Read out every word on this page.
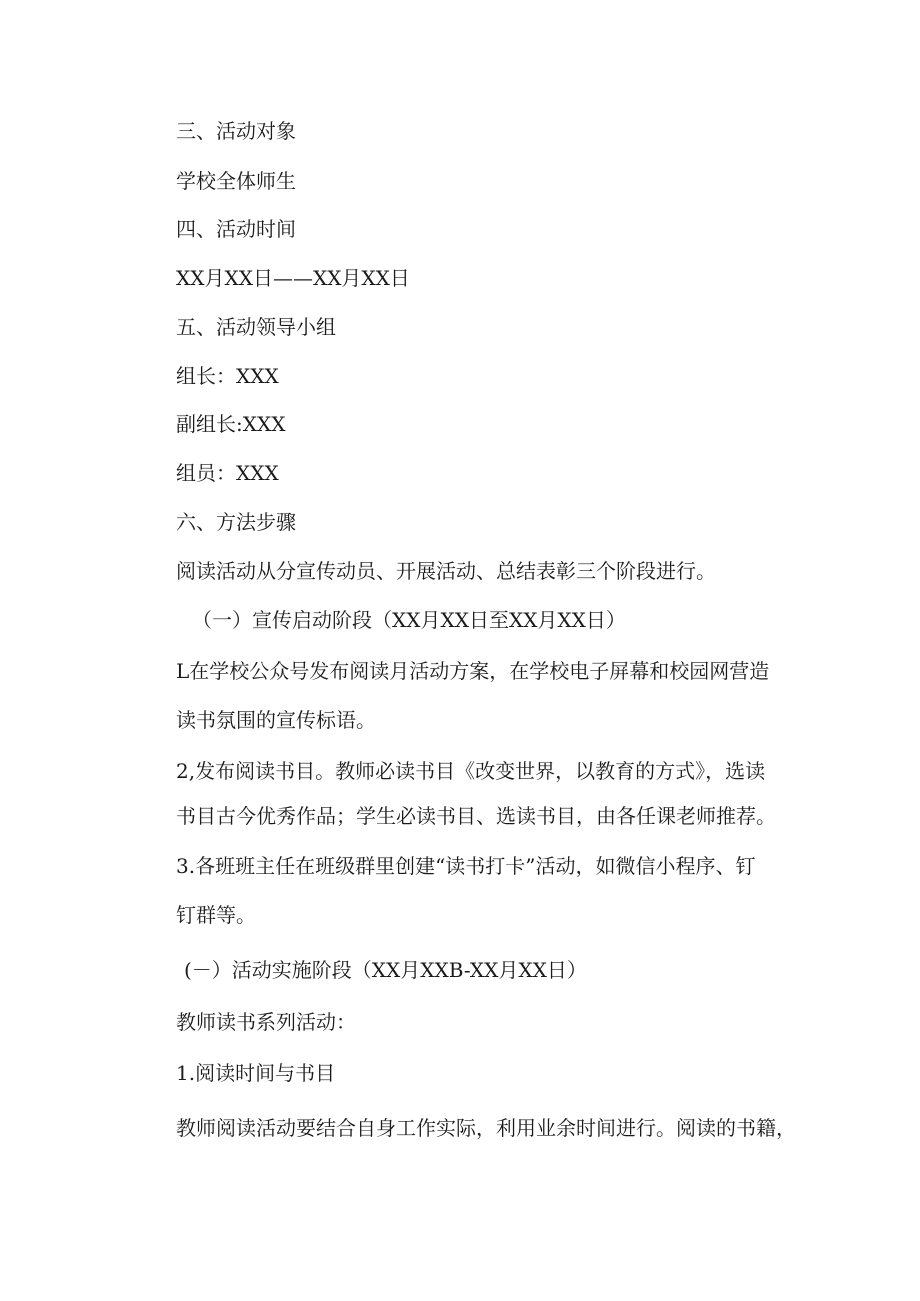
三、活动对象
学校全体师生
四、活动时间
XX月XX日——XX月XX日
五、活动领导小组
组长：XXX
副组长:XXX
组员：XXX
六、方法步骤
阅读活动从分宣传动员、开展活动、总结表彰三个阶段进行。
（一）宣传启动阶段（XX月XX日至XX月XX日）
L在学校公众号发布阅读月活动方案，在学校电子屏幕和校园网营造
读书氛围的宣传标语。
2,发布阅读书目。教师必读书目《改变世界，以教育的方式》，选读
书目古今优秀作品；学生必读书目、选读书目，由各任课老师推荐。
3.各班班主任在班级群里创建“读书打卡”活动，如微信小程序、钉
钉群等。
(－）活动实施阶段（XX月XXB-XX月XX日）
教师读书系列活动：
1.阅读时间与书目
教师阅读活动要结合自身工作实际，利用业余时间进行。阅读的书籍，
